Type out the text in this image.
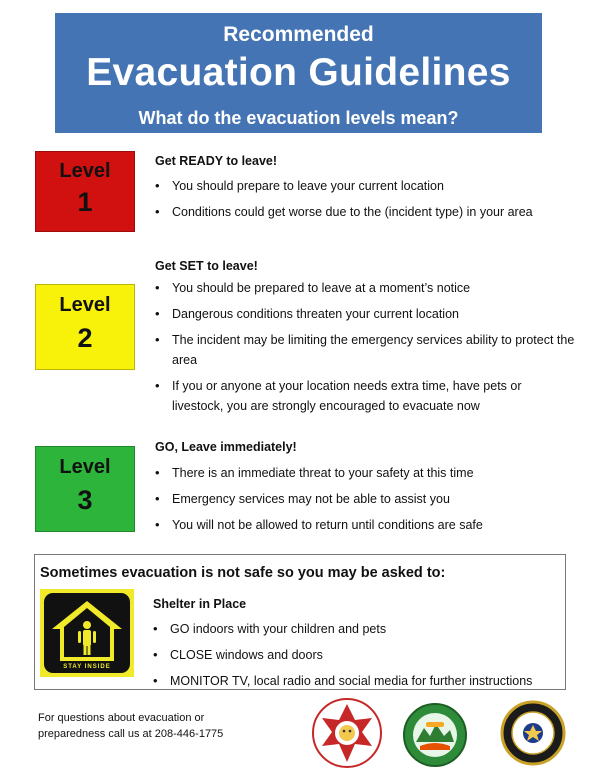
Recommended
Evacuation Guidelines
What do the evacuation levels mean?
Level
1
Get READY to leave!
• You should prepare to leave your current location
• Conditions could get worse due to the (incident type) in your area
Level
2
Get SET to leave!
• You should be prepared to leave at a moment’s notice
• Dangerous conditions threaten your current location
• The incident may be limiting the emergency services ability to protect the area
• If you or anyone at your location needs extra time, have pets or livestock, you are strongly encouraged to evacuate now
Level
3
GO, Leave immediately!
• There is an immediate threat to your safety at this time
• Emergency services may not be able to assist you
• You will not be allowed to return until conditions are safe
Sometimes evacuation is not safe so you may be asked to:
STAY INSIDE
Shelter in Place
• GO indoors with your children and pets
• CLOSE windows and doors
• MONITOR TV, local radio and social media for further instructions
For questions about evacuation or
preparedness call us at 208-446-1775
